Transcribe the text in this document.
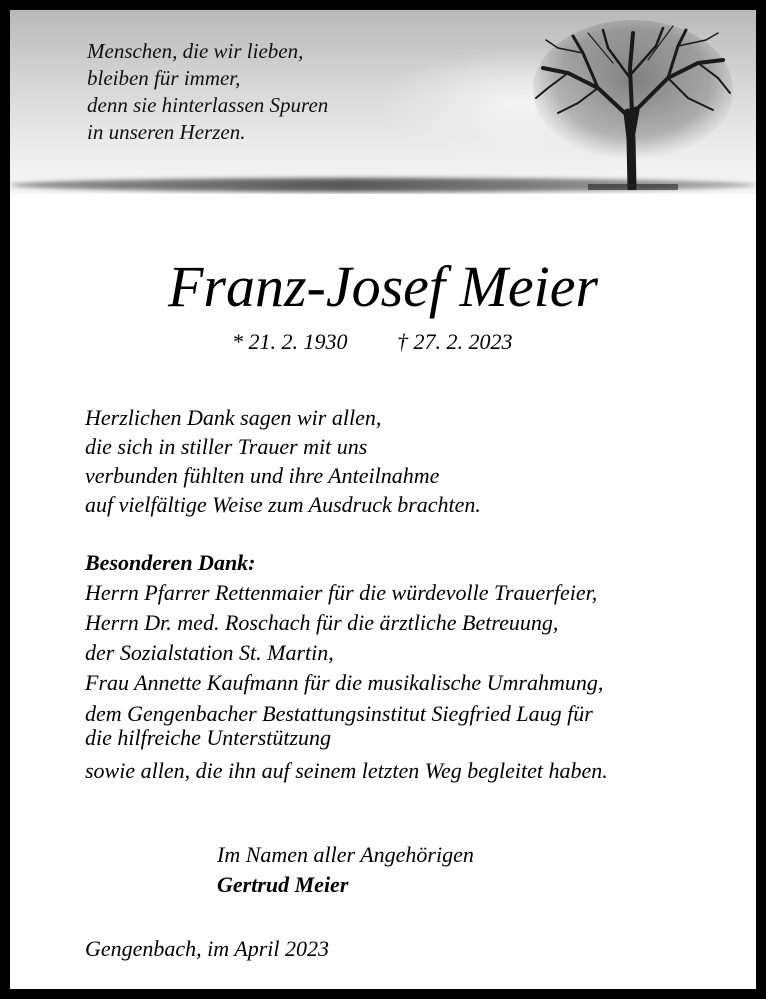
Menschen, die wir lieben,
bleiben für immer,
denn sie hinterlassen Spuren
in unseren Herzen.
Franz-Josef Meier
* 21. 2. 1930 † 27. 2. 2023
Herzlichen Dank sagen wir allen,
die sich in stiller Trauer mit uns
verbunden fühlten und ihre Anteilnahme
auf vielfältige Weise zum Ausdruck brachten.
Besonderen Dank:
Herrn Pfarrer Rettenmaier für die würdevolle Trauerfeier,
Herrn Dr. med. Roschach für die ärztliche Betreuung,
der Sozialstation St. Martin,
Frau Annette Kaufmann für die musikalische Umrahmung,
dem Gengenbacher Bestattungsinstitut Siegfried Laug für
die hilfreiche Unterstützung
sowie allen, die ihn auf seinem letzten Weg begleitet haben.
Im Namen aller Angehörigen
Gertrud Meier
Gengenbach, im April 2023
